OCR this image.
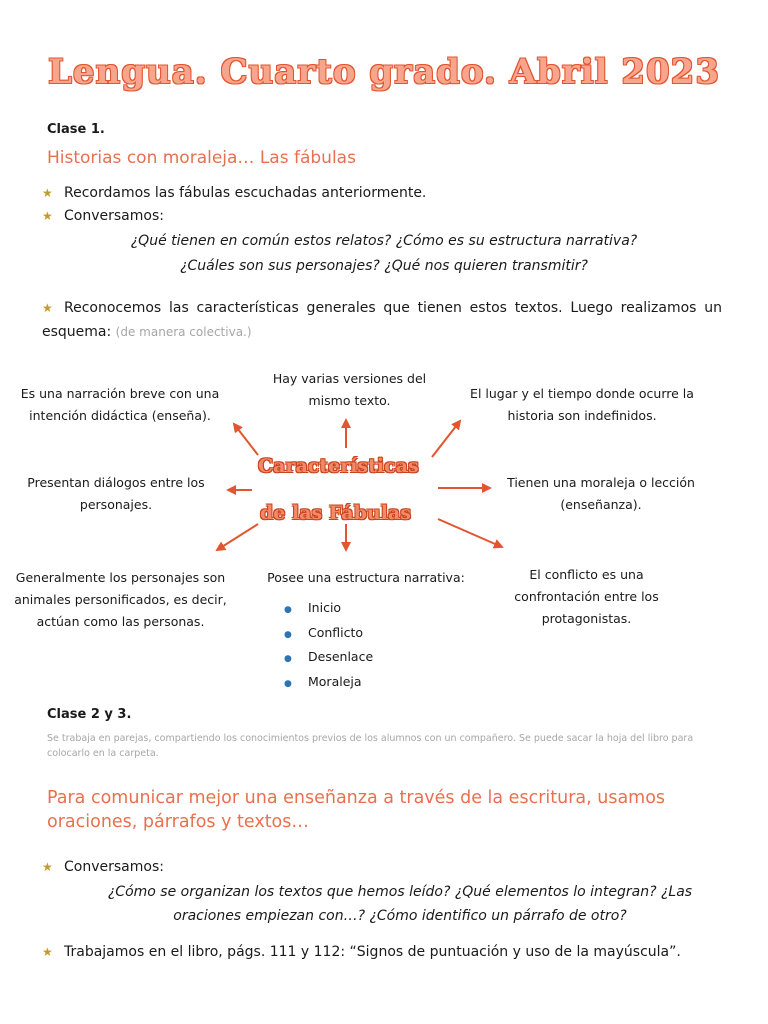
Lengua. Cuarto grado. Abril 2023
Clase 1.
Historias con moraleja… Las fábulas
★ Recordamos las fábulas escuchadas anteriormente.
★ Conversamos:
¿Qué tienen en común estos relatos? ¿Cómo es su estructura narrativa?
¿Cuáles son sus personajes? ¿Qué nos quieren transmitir?
★ Reconocemos las características generales que tienen estos textos. Luego realizamos un esquema: (de manera colectiva.)
Características
de las Fábulas
Es una narración breve con una intención didáctica (enseña).
Hay varias versiones del mismo texto.	El lugar y el tiempo donde ocurre la historia son indefinidos.
Presentan diálogos entre los personajes.
Tienen una moraleja o lección (enseñanza).
Generalmente los personajes son animales personificados, es decir, actúan como las personas.
Posee una estructura narrativa:
● Inicio
● Conflicto
● Desenlace
● Moraleja
El conflicto es una confrontación entre los protagonistas.
Clase 2 y 3.
Se trabaja en parejas, compartiendo los conocimientos previos de los alumnos con un compañero. Se puede sacar la hoja del libro para colocarlo en la carpeta.
Para comunicar mejor una enseñanza a través de la escritura, usamos oraciones, párrafos y textos…
★ Conversamos:
¿Cómo se organizan los textos que hemos leído? ¿Qué elementos lo integran? ¿Las
oraciones empiezan con…? ¿Cómo identifico un párrafo de otro?
★ Trabajamos en el libro, págs. 111 y 112: “Signos de puntuación y uso de la mayúscula”.
